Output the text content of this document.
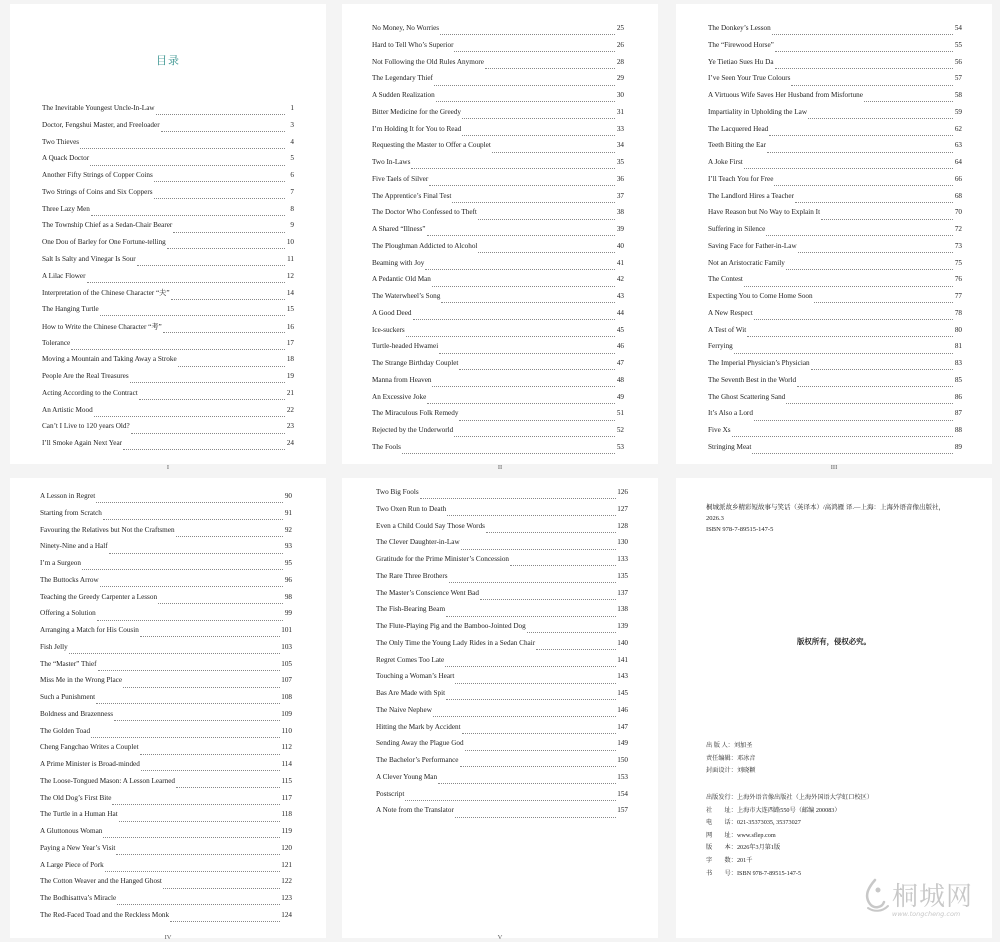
目录
The Inevitable Youngest Uncle-In-Law	1
Doctor, Fengshui Master, and Freeloader	3
Two Thieves	4
A Quack Doctor	5
Another Fifty Strings of Copper Coins	6
Two Strings of Coins and Six Coppers	7
Three Lazy Men	8
The Township Chief as a Sedan-Chair Bearer	9
One Dou of Barley for One Fortune-telling	10
Salt Is Salty and Vinegar Is Sour	11
A Lilac Flower	12
Interpretation of the Chinese Character “夫”	14
The Hanging Turtle	15
How to Write the Chinese Character “考”	16
Tolerance	17
Moving a Mountain and Taking Away a Stroke	18
People Are the Real Treasures	19
Acting According to the Contract	21
An Artistic Mood	22
Can’t I Live to 120 years Old?	23
I’ll Smoke Again Next Year	24
I
No Money, No Worries	25
Hard to Tell Who’s Superior	26
Not Following the Old Rules Anymore	28
The Legendary Thief	29
A Sudden Realization	30
Bitter Medicine for the Greedy	31
I’m Holding It for You to Read	33
Requesting the Master to Offer a Couplet	34
Two In-Laws	35
Five Taels of Silver	36
The Apprentice’s Final Test	37
The Doctor Who Confessed to Theft	38
A Shared “Illness”	39
The Ploughman Addicted to Alcohol	40
Beaming with Joy	41
A Pedantic Old Man	42
The Waterwheel’s Song	43
A Good Deed	44
Ice-suckers	45
Turtle-headed Hwamei	46
The Strange Birthday Couplet	47
Manna from Heaven	48
An Excessive Joke	49
The Miraculous Folk Remedy	51
Rejected by the Underworld	52
The Fools	53
II
The Donkey’s Lesson	54
The “Firewood Horse”	55
Ye Tietiao Sues Hu Da	56
I’ve Seen Your True Colours	57
A Virtuous Wife Saves Her Husband from Misfortune	58
Impartiality in Upholding the Law	59
The Lacquered Head	62
Teeth Biting the Ear	63
A Joke First	64
I’ll Teach You for Free	66
The Landlord Hires a Teacher	68
Have Reason but No Way to Explain It	70
Suffering in Silence	72
Saving Face for Father-in-Law	73
Not an Aristocratic Family	75
The Contest	76
Expecting You to Come Home Soon	77
A New Respect	78
A Test of Wit	80
Ferrying	81
The Imperial Physician’s Physician	83
The Seventh Best in the World	85
The Ghost Scattering Sand	86
It’s Also a Lord	87
Five Xs	88
Stringing Meat	89
III
A Lesson in Regret	90
Starting from Scratch	91
Favouring the Relatives but Not the Craftsmen	92
Ninety-Nine and a Half	93
I’m a Surgeon	95
The Buttocks Arrow	96
Teaching the Greedy Carpenter a Lesson	98
Offering a Solution	99
Arranging a Match for His Cousin	101
Fish Jelly	103
The “Master” Thief	105
Miss Me in the Wrong Place	107
Such a Punishment	108
Boldness and Brazenness	109
The Golden Toad	110
Cheng Fangchao Writes a Couplet	112
A Prime Minister is Broad-minded	114
The Loose-Tongued Mason: A Lesson Learned	115
The Old Dog’s First Bite	117
The Turtle in a Human Hat	118
A Gluttonous Woman	119
Paying a New Year’s Visit	120
A Large Piece of Pork	121
The Cotton Weaver and the Hanged Ghost	122
The Bodhisattva’s Miracle	123
The Red-Faced Toad and the Reckless Monk	124
IV
Two Big Fools	126
Two Oxen Run to Death	127
Even a Child Could Say Those Words	128
The Clever Daughter-in-Law	130
Gratitude for the Prime Minister’s Concession	133
The Rare Three Brothers	135
The Master’s Conscience Went Bad	137
The Fish-Bearing Beam	138
The Flute-Playing Pig and the Bamboo-Jointed Dog	139
The Only Time the Young Lady Rides in a Sedan Chair	140
Regret Comes Too Late	141
Touching a Woman’s Heart	143
Bas Are Made with Spit	145
The Naive Nephew	146
Hitting the Mark by Accident	147
Sending Away the Plague God	149
The Bachelor’s Performance	150
A Clever Young Man	153
Postscript	154
A Note from the Translator	157
V
桐城派故乡精彩短故事与笑话（英译本）/高鸿雁 译.—上海：上海外语音像出版社，
2026.3
ISBN 978-7-89515-147-5
版权所有，侵权必究。
出 版 人：刘加圣
责任编辑：邓冰音
封面设计：刘晓颖
出版发行：上海外语音像出版社（上海外国语大学虹口校区）
社　　址：上海市大连西路550号（邮编 200083）
电　　话：021-35373035, 35373027
网　　址：www.sflep.com
版　　本：2026年3月第1版
字　　数：201千
书　　号：ISBN 978-7-89515-147-5
桐城网
www.tongcheng.com
